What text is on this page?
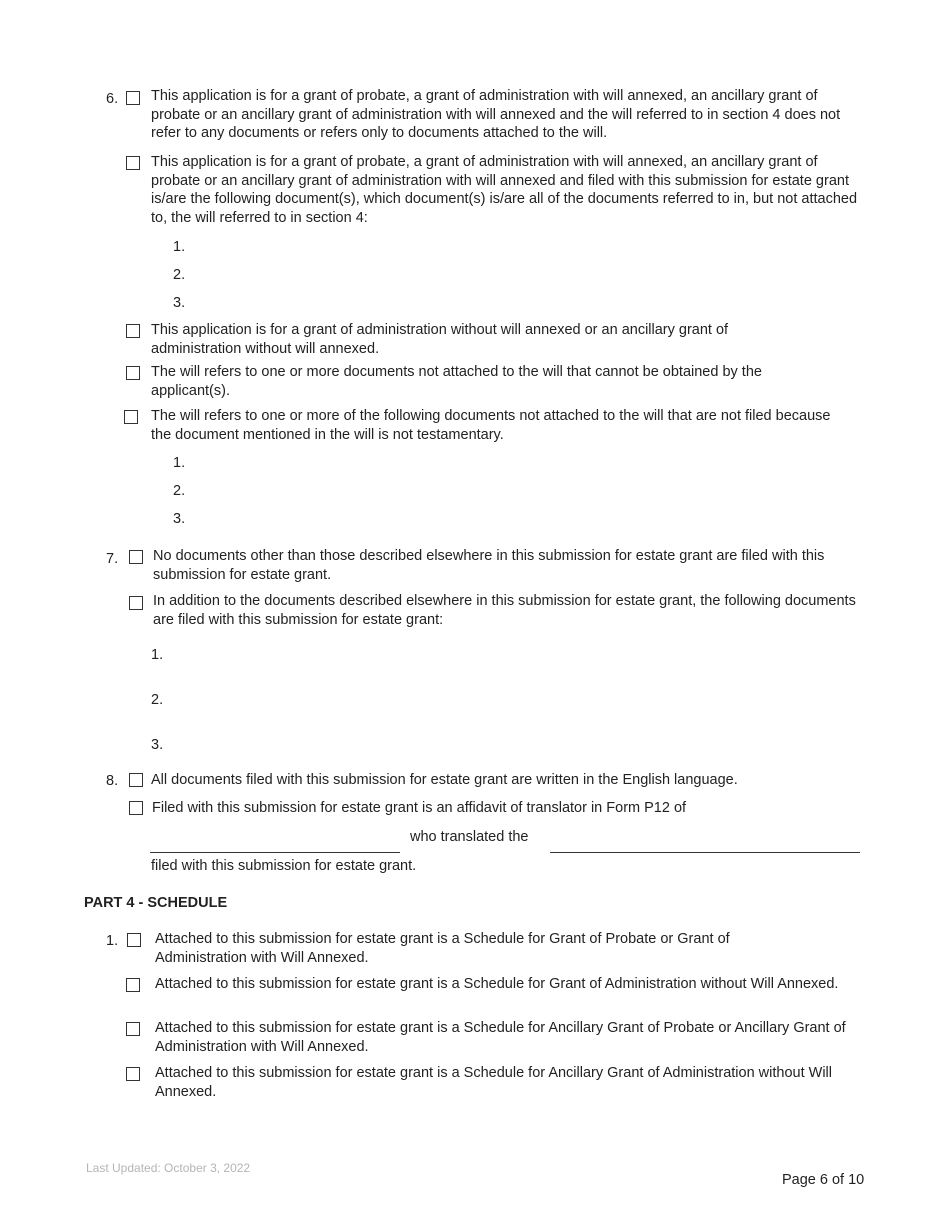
6. This application is for a grant of probate, a grant of administration with will annexed, an ancillary grant of probate or an ancillary grant of administration with will annexed and the will referred to in section 4 does not refer to any documents or refers only to documents attached to the will.
This application is for a grant of probate, a grant of administration with will annexed, an ancillary grant of probate or an ancillary grant of administration with will annexed and filed with this submission for estate grant is/are the following document(s), which document(s) is/are all of the documents referred to in, but not attached to, the will referred to in section 4:
1.
2.
3.
This application is for a grant of administration without will annexed or an ancillary grant of administration without will annexed.
The will refers to one or more documents not attached to the will that cannot be obtained by the applicant(s).
The will refers to one or more of the following documents not attached to the will that are not filed because the document mentioned in the will is not testamentary.
1.
2.
3.
7. No documents other than those described elsewhere in this submission for estate grant are filed with this submission for estate grant.
In addition to the documents described elsewhere in this submission for estate grant, the following documents are filed with this submission for estate grant:
1.
2.
3.
8. All documents filed with this submission for estate grant are written in the English language.
Filed with this submission for estate grant is an affidavit of translator in Form P12 of
who translated the
filed with this submission for estate grant.
PART 4 - SCHEDULE
1.	Attached to this submission for estate grant is a Schedule for Grant of Probate or Grant of Administration with Will Annexed.
Attached to this submission for estate grant is a Schedule for Grant of Administration without Will Annexed.
Attached to this submission for estate grant is a Schedule for Ancillary Grant of Probate or Ancillary Grant of Administration with Will Annexed.
Attached to this submission for estate grant is a Schedule for Ancillary Grant of Administration without Will Annexed.
Last Updated: October 3, 2022
Page 6 of 10
